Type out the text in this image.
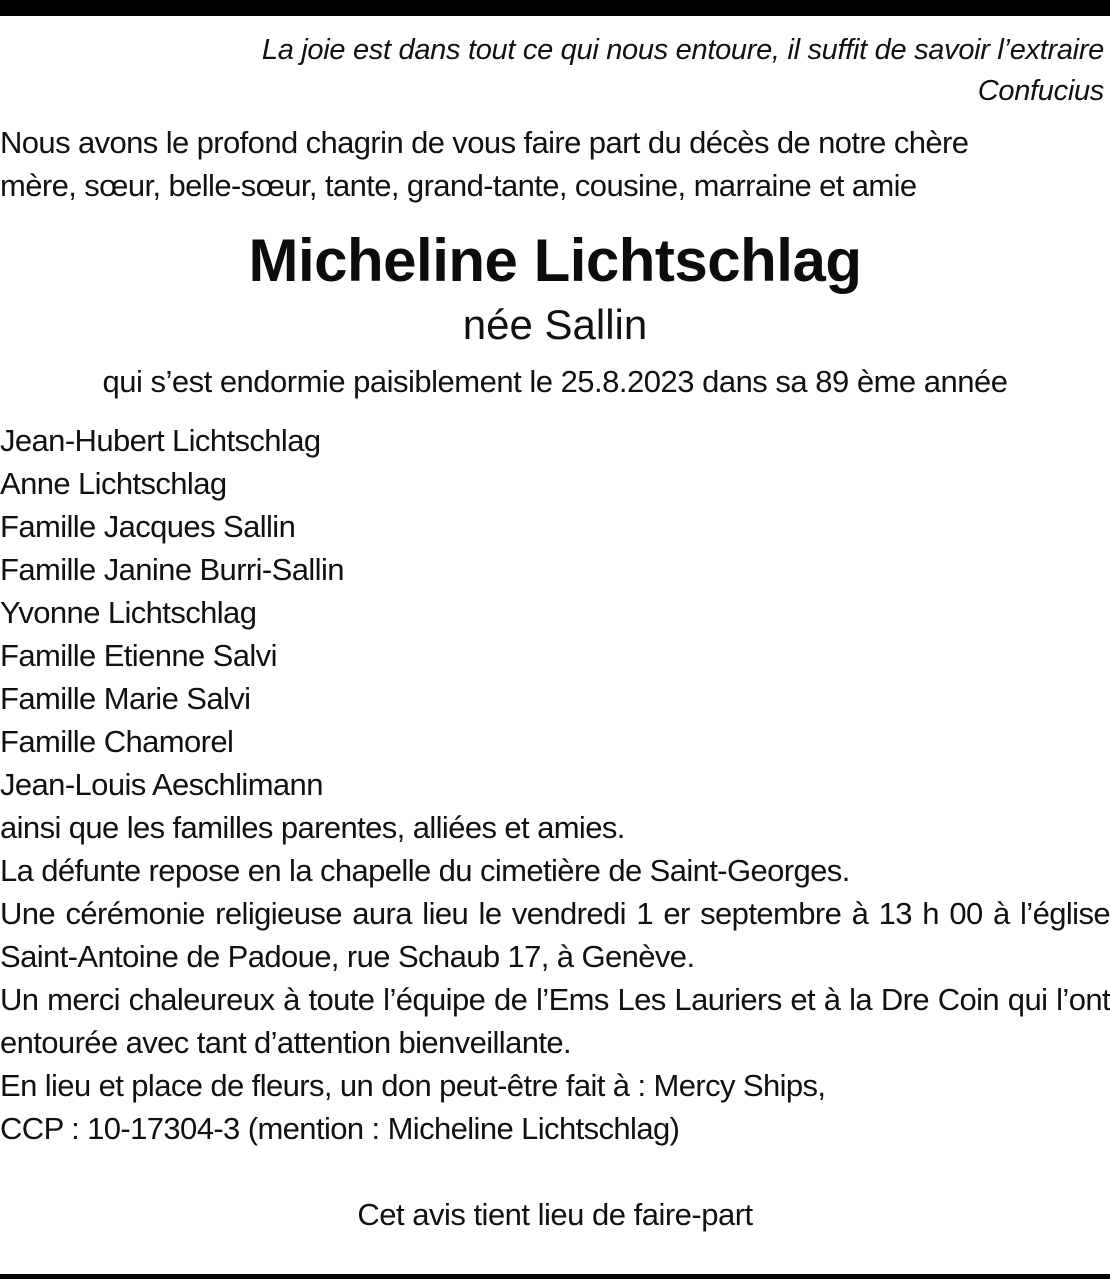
La joie est dans tout ce qui nous entoure, il suffit de savoir l’extraire
Confucius
Nous avons le profond chagrin de vous faire part du décès de notre chère
mère, sœur, belle-sœur, tante, grand-tante, cousine, marraine et amie
Micheline Lichtschlag
née Sallin
qui s’est endormie paisiblement le 25.8.2023 dans sa 89 ème année
Jean-Hubert Lichtschlag
Anne Lichtschlag
Famille Jacques Sallin
Famille Janine Burri-Sallin
Yvonne Lichtschlag
Famille Etienne Salvi
Famille Marie Salvi
Famille Chamorel
Jean-Louis Aeschlimann

ainsi que les familles parentes, alliées et amies.

La défunte repose en la chapelle du cimetière de Saint-Georges.

Une cérémonie religieuse aura lieu le vendredi 1 er septembre à 13 h 00 à l’église Saint-Antoine de Padoue, rue Schaub 17, à Genève.

Un merci chaleureux à toute l’équipe de l’Ems Les Lauriers et à la Dre Coin qui l’ont entourée avec tant d’attention bienveillante.

En lieu et place de fleurs, un don peut-être fait à : Mercy Ships,

CCP : 10-17304-3 (mention : Micheline Lichtschlag)

Cet avis tient lieu de faire-part
